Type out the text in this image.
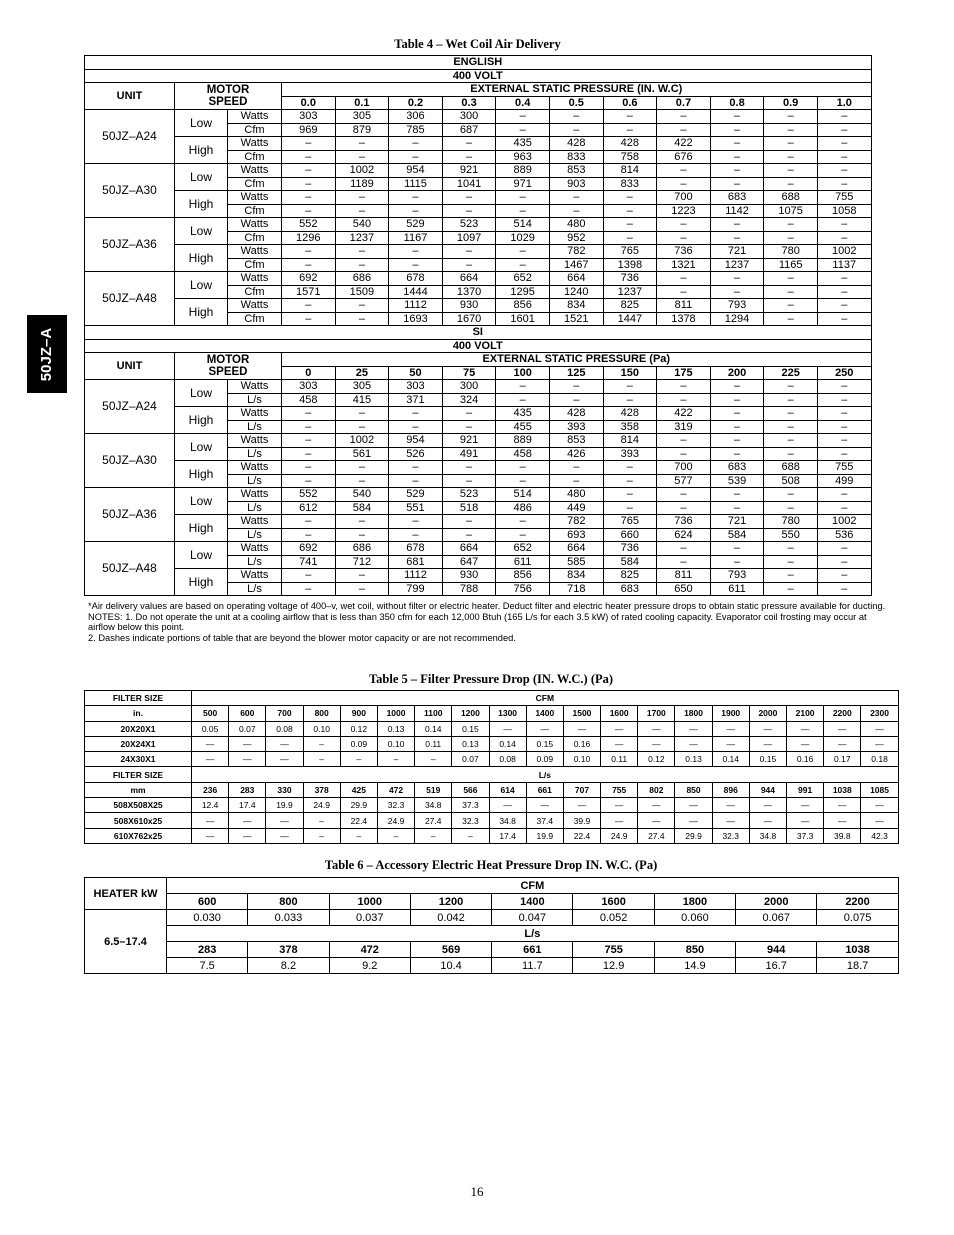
50JZ–A
Table 4 – Wet Coil Air Delivery
ENGLISH													
400 VOLT													
UNIT	MOTOR
SPEED		EXTERNAL STATIC PRESSURE (IN. W.C)										
			0.0	0.1	0.2	0.3	0.4	0.5	0.6	0.7	0.8	0.9	1.0
50JZ–A24	Low	Watts	303	305	306	300	–	–	–	–	–	–	–
		Cfm	969	879	785	687	–	–	–	–	–	–	–
	High	Watts	–	–	–	–	435	428	428	422	–	–	–
		Cfm	–	–	–	–	963	833	758	676	–	–	–
50JZ–A30	Low	Watts	–	1002	954	921	889	853	814	–	–	–	–
		Cfm	–	1189	1115	1041	971	903	833	–	–	–	–
	High	Watts	–	–	–	–	–	–	–	700	683	688	755
		Cfm	–	–	–	–	–	–	–	1223	1142	1075	1058
50JZ–A36	Low	Watts	552	540	529	523	514	480	–	–	–	–	–
		Cfm	1296	1237	1167	1097	1029	952	–	–	–	–	–
	High	Watts	–	–	–	–	–	782	765	736	721	780	1002
		Cfm	–	–	–	–	–	1467	1398	1321	1237	1165	1137
50JZ–A48	Low	Watts	692	686	678	664	652	664	736	–	–	–	–
		Cfm	1571	1509	1444	1370	1295	1240	1237	–	–	–	–
	High	Watts	–	–	1112	930	856	834	825	811	793	–	–
		Cfm	–	–	1693	1670	1601	1521	1447	1378	1294	–	–
SI													
400 VOLT													
UNIT	MOTOR
SPEED		EXTERNAL STATIC PRESSURE (Pa)										
			0	25	50	75	100	125	150	175	200	225	250
50JZ–A24	Low	Watts	303	305	303	300	–	–	–	–	–	–	–
		L/s	458	415	371	324	–	–	–	–	–	–	–
	High	Watts	–	–	–	–	435	428	428	422	–	–	–
		L/s	–	–	–	–	455	393	358	319	–	–	–
50JZ–A30	Low	Watts	–	1002	954	921	889	853	814	–	–	–	–
		L/s	–	561	526	491	458	426	393	–	–	–	–
	High	Watts	–	–	–	–	–	–	–	700	683	688	755
		L/s	–	–	–	–	–	–	–	577	539	508	499
50JZ–A36	Low	Watts	552	540	529	523	514	480	–	–	–	–	–
		L/s	612	584	551	518	486	449	–	–	–	–	–
	High	Watts	–	–	–	–	–	782	765	736	721	780	1002
		L/s	–	–	–	–	–	693	660	624	584	550	536
50JZ–A48	Low	Watts	692	686	678	664	652	664	736	–	–	–	–
		L/s	741	712	681	647	611	585	584	–	–	–	–
	High	Watts	–	–	1112	930	856	834	825	811	793	–	–
		L/s	–	–	799	788	756	718	683	650	611	–	–
*Air delivery values are based on operating voltage of 400–v, wet coil, without filter or electric heater. Deduct filter and electric heater pressure drops to obtain static pressure available for ducting.
NOTES: 1. Do not operate the unit at a cooling airflow that is less than 350 cfm for each 12,000 Btuh (165 L/s for each 3.5 kW) of rated cooling capacity. Evaporator coil frosting may occur at airflow below this point.
2. Dashes indicate portions of table that are beyond the blower motor capacity or are not recommended.
Table 5 – Filter Pressure Drop (IN. W.C.) (Pa)
FILTER SIZE	CFM																		
in.	500	600	700	800	900	1000	1100	1200	1300	1400	1500	1600	1700	1800	1900	2000	2100	2200	2300
20X20X1	0.05	0.07	0.08	0.10	0.12	0.13	0.14	0.15	—	—	—	—	—	—	—	—	—	—	—
20X24X1	—	—	—	–	0.09	0.10	0.11	0.13	0.14	0.15	0.16	—	—	—	—	—	—	—	—
24X30X1	—	—	—	–	–	–	–	0.07	0.08	0.09	0.10	0.11	0.12	0.13	0.14	0.15	0.16	0.17	0.18
FILTER SIZE	L/s																		
mm	236	283	330	378	425	472	519	566	614	661	707	755	802	850	896	944	991	1038	1085
508X508X25	12.4	17.4	19.9	24.9	29.9	32.3	34.8	37.3	—	—	—	—	—	—	—	—	—	—	—
508X610x25	—	—	—	–	22.4	24.9	27.4	32.3	34.8	37.4	39.9	—	—	—	—	—	—	—	—
610X762x25	—	—	—	–	–	–	–	–	17.4	19.9	22.4	24.9	27.4	29.9	32.3	34.8	37.3	39.8	42.3
Table 6 – Accessory Electric Heat Pressure Drop IN. W.C. (Pa)
HEATER kW	CFM								
	600	800	1000	1200	1400	1600	1800	2000	2200
6.5–17.4	0.030	0.033	0.037	0.042	0.047	0.052	0.060	0.067	0.075
	L/s								
	283	378	472	569	661	755	850	944	1038
	7.5	8.2	9.2	10.4	11.7	12.9	14.9	16.7	18.7
16
